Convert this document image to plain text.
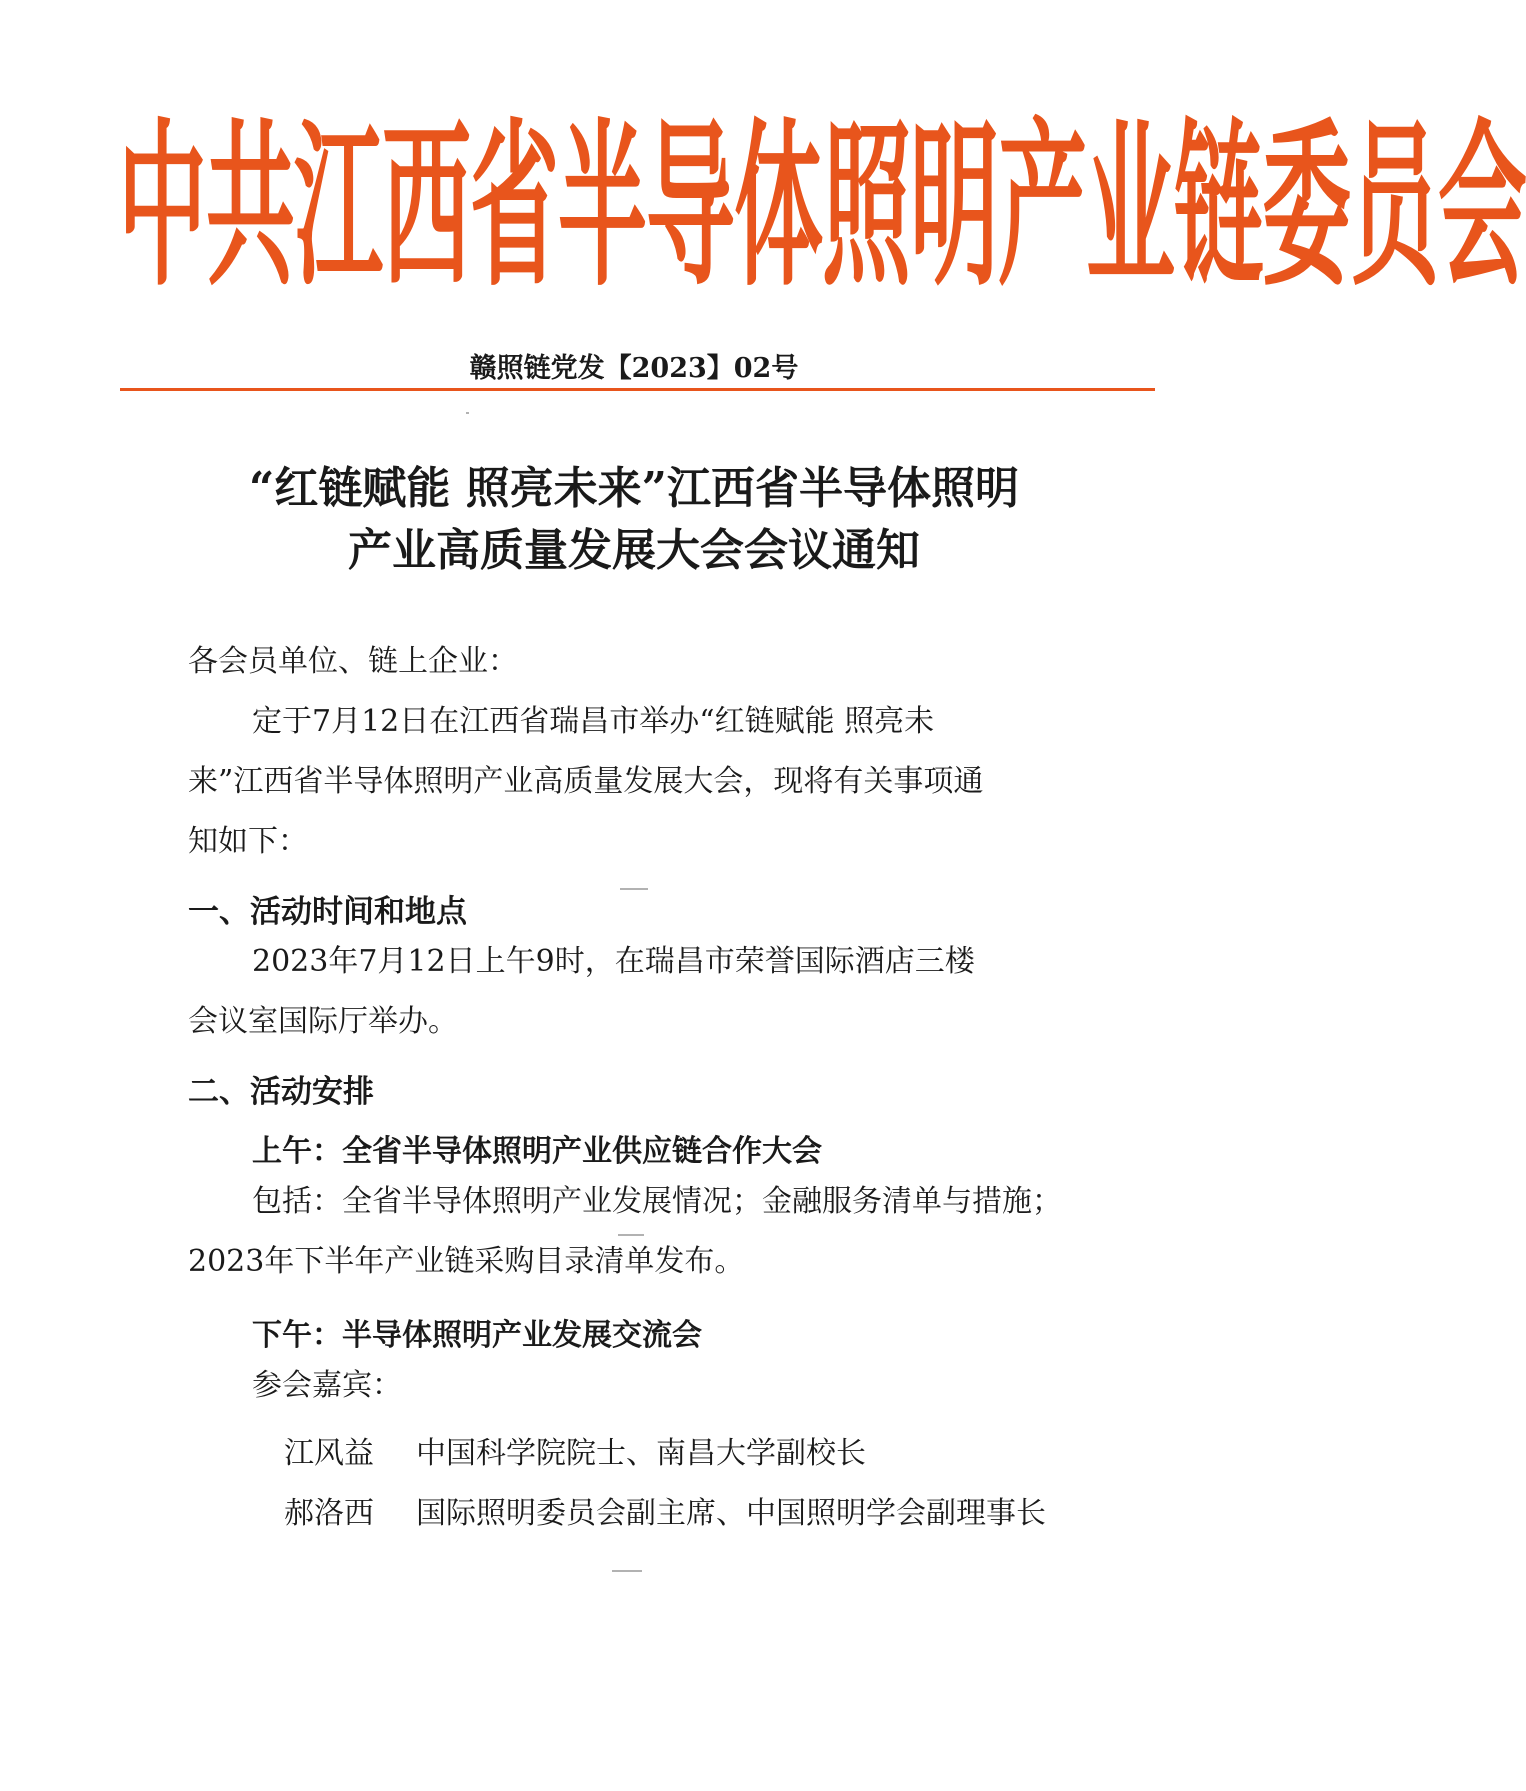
中共江西省半导体照明产业链委员会
赣照链党发【2023】02号
“红链赋能 照亮未来”江西省半导体照明
产业高质量发展大会会议通知
各会员单位、链上企业：
定于7月12日在江西省瑞昌市举办“红链赋能 照亮未
来”江西省半导体照明产业高质量发展大会，现将有关事项通
知如下：
一、活动时间和地点
2023年7月12日上午9时，在瑞昌市荣誉国际酒店三楼
会议室国际厅举办。
二、活动安排
上午：全省半导体照明产业供应链合作大会
包括：全省半导体照明产业发展情况；金融服务清单与措施；
2023年下半年产业链采购目录清单发布。
下午：半导体照明产业发展交流会
参会嘉宾：
江风益 中国科学院院士、南昌大学副校长
郝洛西 国际照明委员会副主席、中国照明学会副理事长
